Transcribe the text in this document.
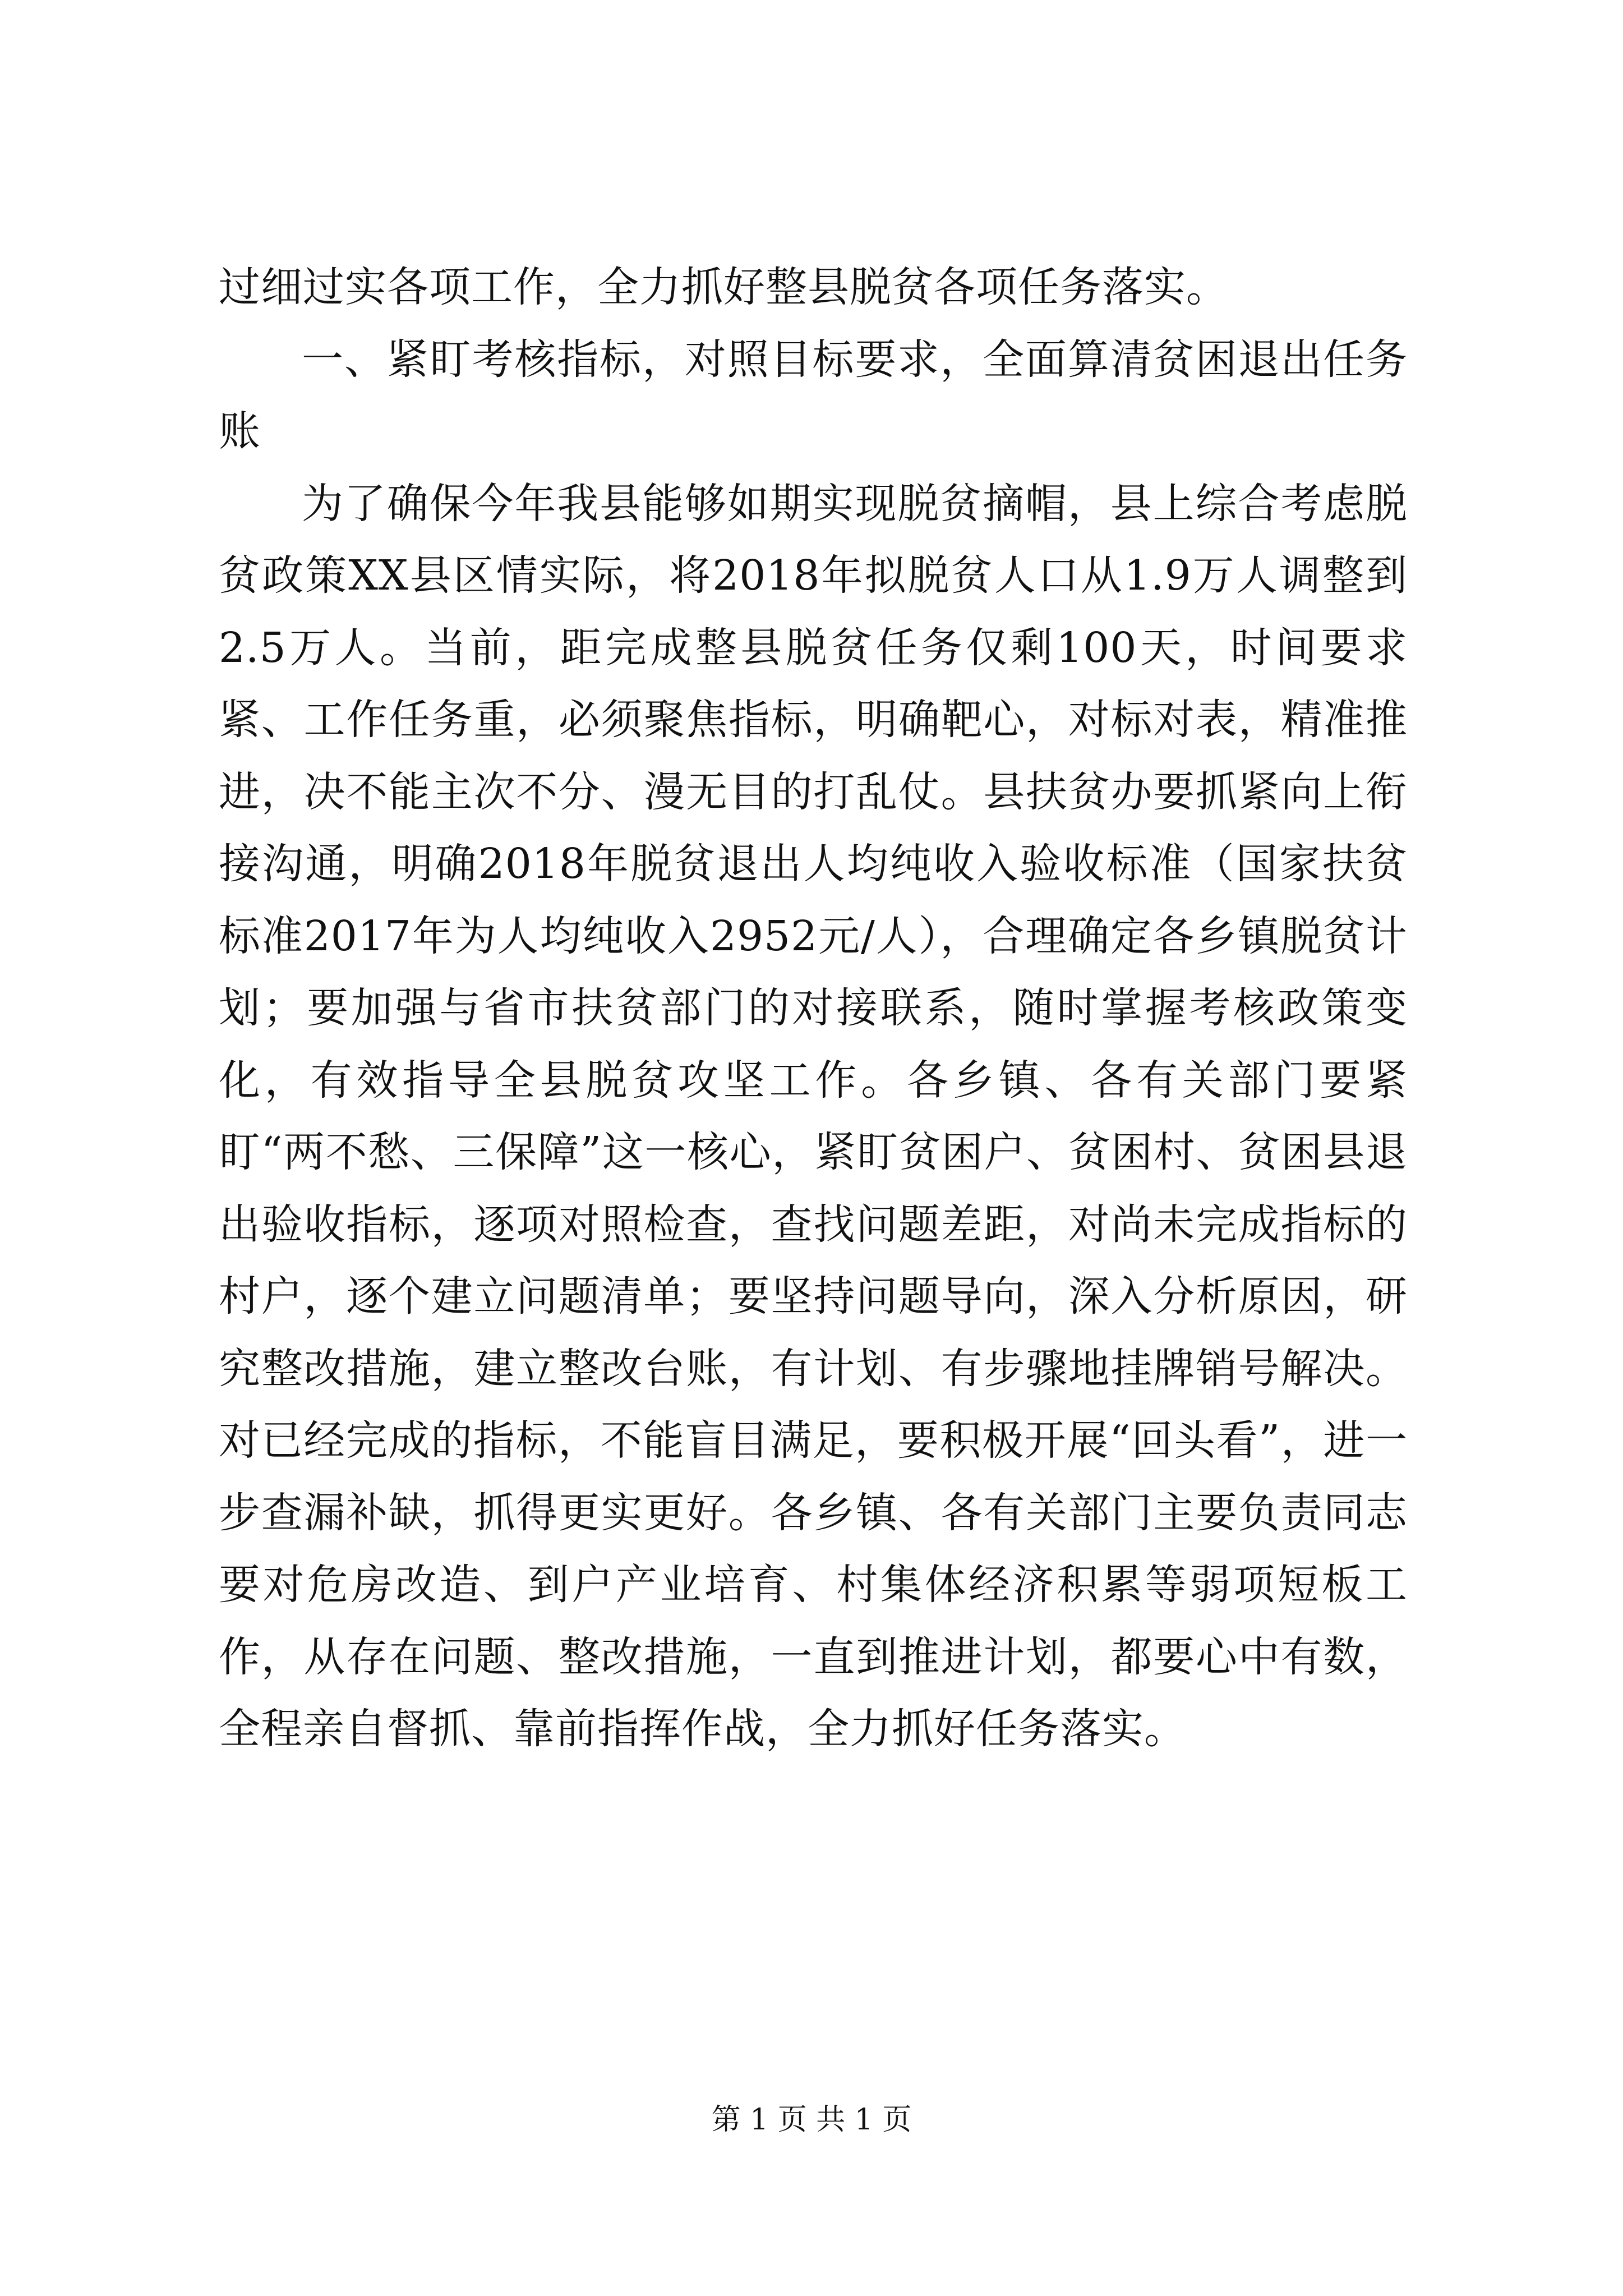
过细过实各项工作，全力抓好整县脱贫各项任务落实。

一、紧盯考核指标，对照目标要求，全面算清贫困退出任务账

为了确保今年我县能够如期实现脱贫摘帽，县上综合考虑脱贫政策XX县区情实际，将2018年拟脱贫人口从1.9万人调整到2.5万人。当前，距完成整县脱贫任务仅剩100天，时间要求紧、工作任务重，必须聚焦指标，明确靶心，对标对表，精准推进，决不能主次不分、漫无目的打乱仗。县扶贫办要抓紧向上衔接沟通，明确2018年脱贫退出人均纯收入验收标准（国家扶贫标准2017年为人均纯收入2952元/人），合理确定各乡镇脱贫计划；要加强与省市扶贫部门的对接联系，随时掌握考核政策变化，有效指导全县脱贫攻坚工作。各乡镇、各有关部门要紧盯“两不愁、三保障”这一核心，紧盯贫困户、贫困村、贫困县退出验收指标，逐项对照检查，查找问题差距，对尚未完成指标的村户，逐个建立问题清单；要坚持问题导向，深入分析原因，研究整改措施，建立整改台账，有计划、有步骤地挂牌销号解决。对已经完成的指标，不能盲目满足，要积极开展“回头看”，进一步查漏补缺，抓得更实更好。各乡镇、各有关部门主要负责同志要对危房改造、到户产业培育、村集体经济积累等弱项短板工作，从存在问题、整改措施，一直到推进计划，都要心中有数，全程亲自督抓、靠前指挥作战，全力抓好任务落实。

第 1 页 共 1 页
